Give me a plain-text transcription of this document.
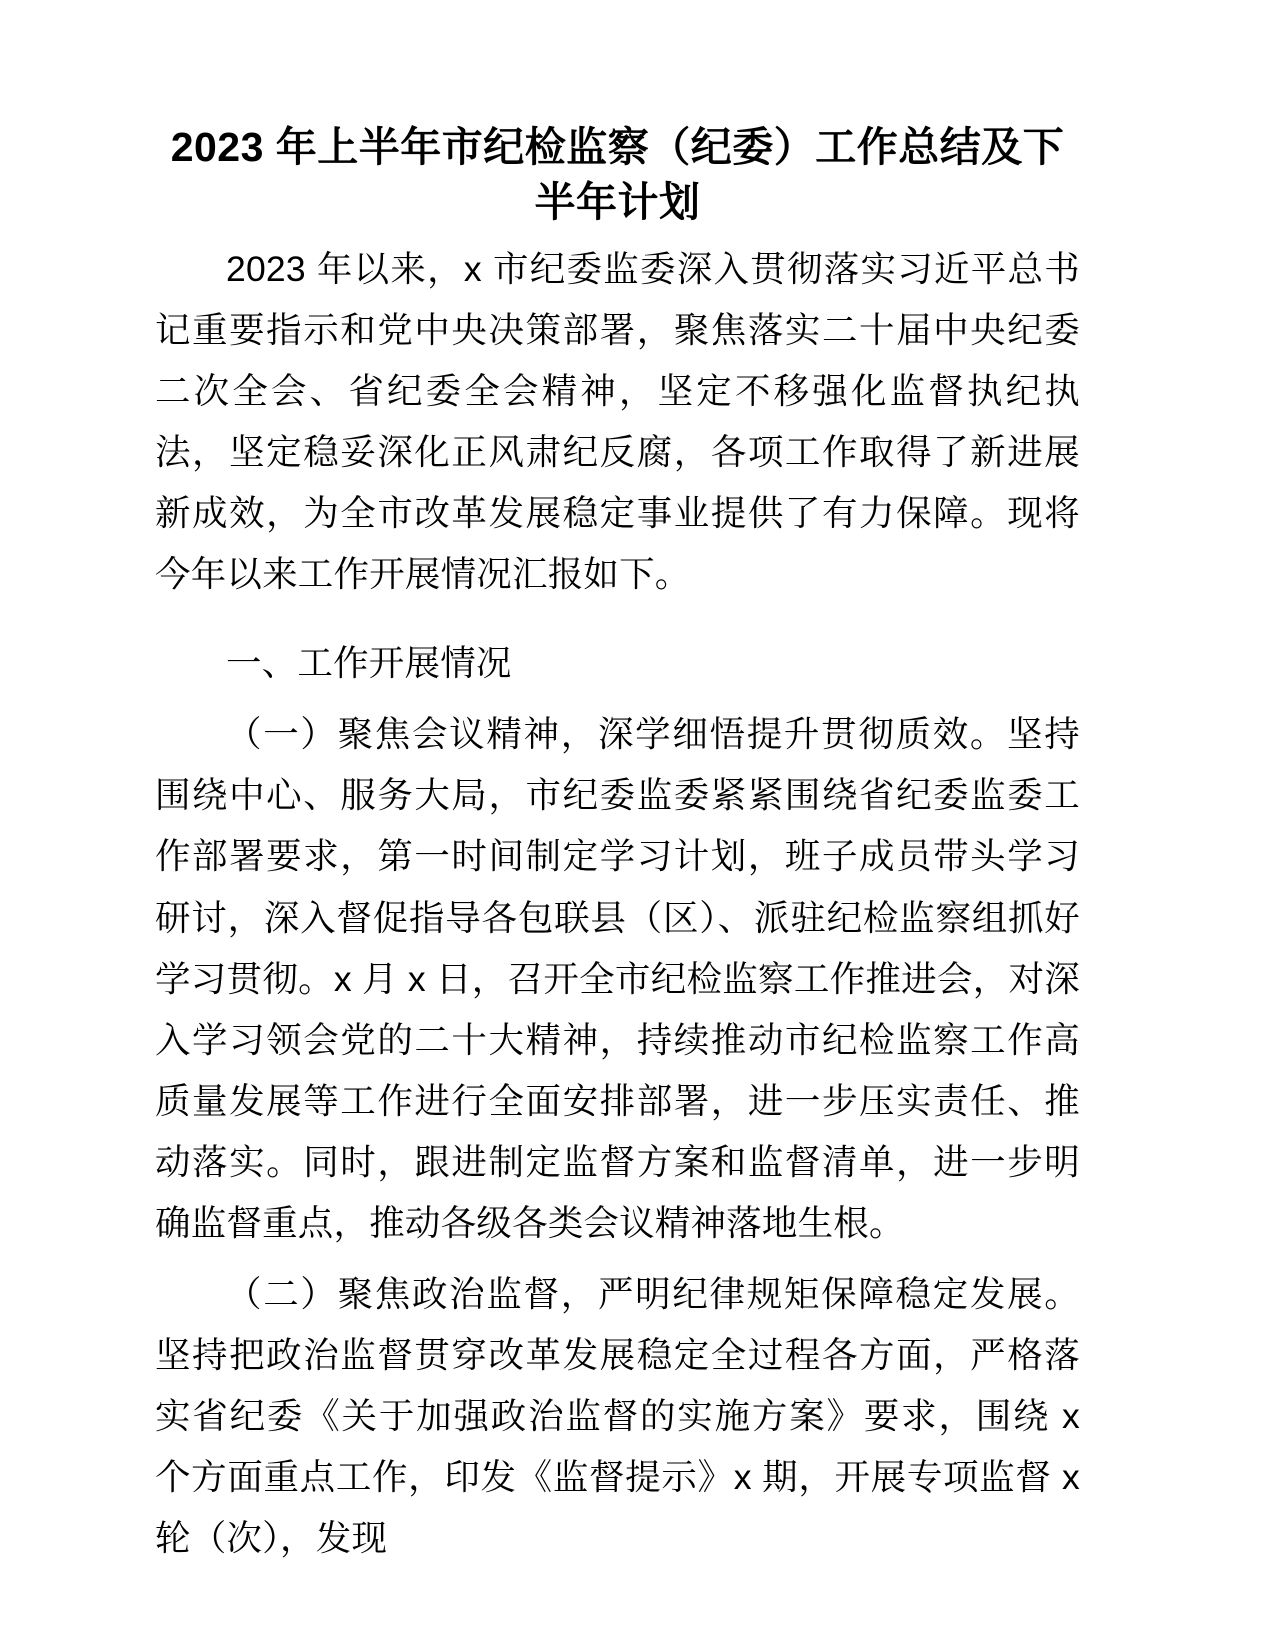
2023 年上半年市纪检监察（纪委）工作总结及下半年计划

2023 年以来，x 市纪委监委深入贯彻落实习近平总书记重要指示和党中央决策部署，聚焦落实二十届中央纪委二次全会、省纪委全会精神，坚定不移强化监督执纪执法，坚定稳妥深化正风肃纪反腐，各项工作取得了新进展新成效，为全市改革发展稳定事业提供了有力保障。现将今年以来工作开展情况汇报如下。

一、工作开展情况

（一）聚焦会议精神，深学细悟提升贯彻质效。坚持围绕中心、服务大局，市纪委监委紧紧围绕省纪委监委工作部署要求，第一时间制定学习计划，班子成员带头学习研讨，深入督促指导各包联县（区）、派驻纪检监察组抓好学习贯彻。x 月 x 日，召开全市纪检监察工作推进会，对深入学习领会党的二十大精神，持续推动市纪检监察工作高质量发展等工作进行全面安排部署，进一步压实责任、推动落实。同时，跟进制定监督方案和监督清单，进一步明确监督重点，推动各级各类会议精神落地生根。

（二）聚焦政治监督，严明纪律规矩保障稳定发展。坚持把政治监督贯穿改革发展稳定全过程各方面，严格落实省纪委《关于加强政治监督的实施方案》要求，围绕 x 个方面重点工作，印发《监督提示》x 期，开展专项监督 x 轮（次），发现
